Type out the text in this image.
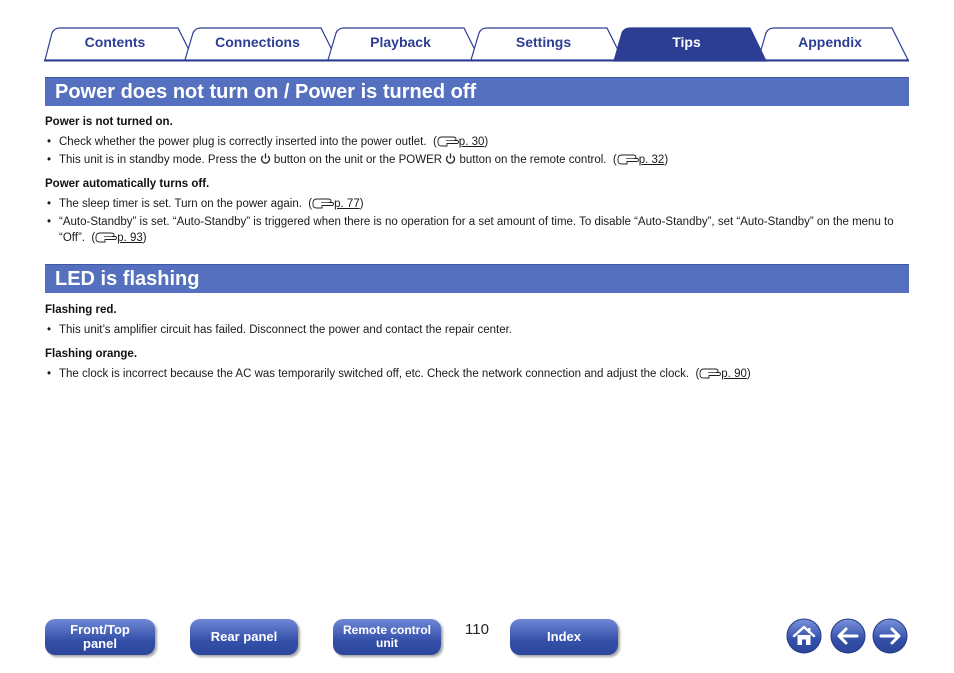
Contents	Connections	Playback	Settings	Tips	Appendix
Power does not turn on / Power is turned off
Power is not turned on.
• Check whether the power plug is correctly inserted into the power outlet. ( p. 30)
• This unit is in standby mode. Press the button on the unit or the POWER button on the remote control. ( p. 32)
Power automatically turns off.
• The sleep timer is set. Turn on the power again. ( p. 77)
• “Auto-Standby” is set. “Auto-Standby” is triggered when there is no operation for a set amount of time. To disable “Auto-Standby”, set “Auto-Standby” on the menu to “Off”. ( p. 93)
LED is flashing
Flashing red.
• This unit’s amplifier circuit has failed. Disconnect the power and contact the repair center.
Flashing orange.
• The clock is incorrect because the AC was temporarily switched off, etc. Check the network connection and adjust the clock. ( p. 90)
Front/Top
panel	Rear panel	Remote control
unit
110	Index
